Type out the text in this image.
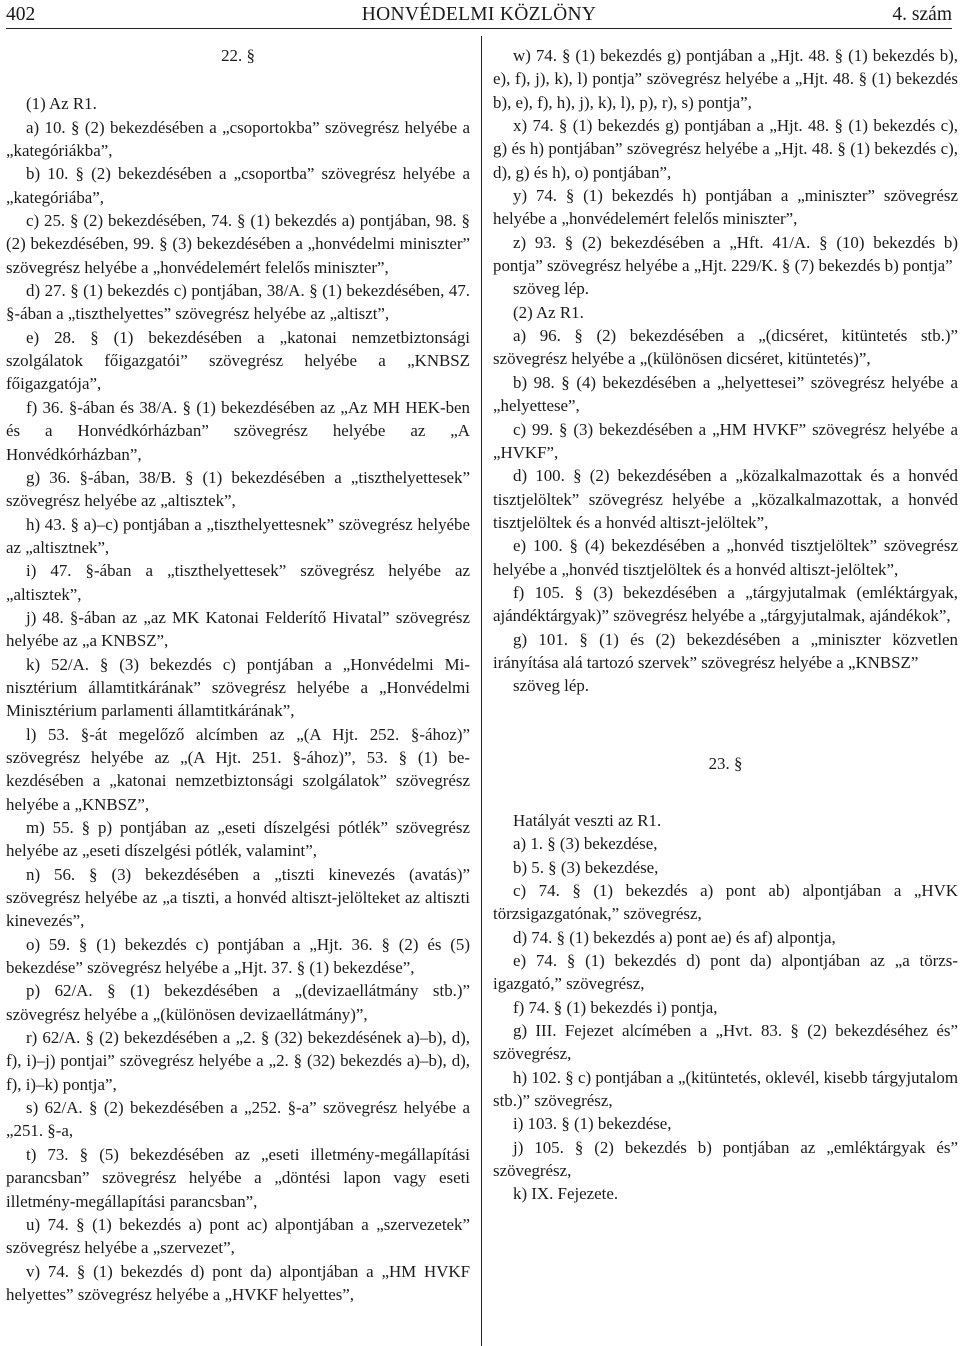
402	HONVÉDELMI KÖZLÖNY	4. szám
22. §

(1) Az R1.

a) 10. § (2) bekezdésében a „csoportokba” szövegrész helyébe a „kategóriákba”,

b) 10. § (2) bekezdésében a „csoportba” szövegrész helyébe a „kategóriába”,

c) 25. § (2) bekezdésében, 74. § (1) bekezdés a) pontjában, 98. § (2) bekezdésében, 99. § (3) bekezdésében a „honvédelmi miniszter” szövegrész helyébe a „honvédelemért felelős miniszter”,

d) 27. § (1) bekezdés c) pontjában, 38/A. § (1) bekezdésében, 47. §-ában a „tiszthelyettes” szövegrész helyébe az „altiszt”,

e) 28. § (1) bekezdésében a „katonai nemzetbiztonsági szolgálatok főigazgatói” szövegrész helyébe a „KNBSZ főigazgatója”,

f) 36. §-ában és 38/A. § (1) bekezdésében az „Az MH HEK-ben és a Honvédkórházban” szövegrész helyébe az „A Honvédkórházban”,

g) 36. §-ában, 38/B. § (1) bekezdésében a „tiszthelyettesek” szövegrész helyébe az „altisztek”,

h) 43. § a)–c) pontjában a „tiszthelyettesnek” szövegrész helyébe az „altisztnek”,

i) 47. §-ában a „tiszthelyettesek” szövegrész helyébe az „altisztek”,

j) 48. §-ában az „az MK Katonai Felderítő Hivatal” szövegrész helyébe az „a KNBSZ”,

k) 52/A. § (3) bekezdés c) pontjában a „Honvédelmi Minisztérium államtitkárának” szövegrész helyébe a „Honvédelmi Minisztérium parlamenti államtitkárának”,

l) 53. §-át megelőző alcímben az „(A Hjt. 252. §-ához)” szövegrész helyébe az „(A Hjt. 251. §-ához)”, 53. § (1) bekezdésében a „katonai nemzetbiztonsági szolgálatok” szövegrész helyébe a „KNBSZ”,

m) 55. § p) pontjában az „eseti díszelgési pótlék” szövegrész helyébe az „eseti díszelgési pótlék, valamint”,

n) 56. § (3) bekezdésében a „tiszti kinevezés (avatás)” szövegrész helyébe az „a tiszti, a honvéd altiszt-jelölteket az altiszti kinevezés”,

o) 59. § (1) bekezdés c) pontjában a „Hjt. 36. § (2) és (5) bekezdése” szövegrész helyébe a „Hjt. 37. § (1) bekezdése”,

p) 62/A. § (1) bekezdésében a „(devizaellátmány stb.)” szövegrész helyébe a „(különösen devizaellátmány)”,

r) 62/A. § (2) bekezdésében a „2. § (32) bekezdésének a)–b), d), f), i)–j) pontjai” szövegrész helyébe a „2. § (32) bekezdés a)–b), d), f), i)–k) pontja”,

s) 62/A. § (2) bekezdésében a „252. §-a” szövegrész helyébe a „251. §-a,

t) 73. § (5) bekezdésében az „eseti illetmény-megállapítási parancsban” szövegrész helyébe a „döntési lapon vagy eseti illetmény-megállapítási parancsban”,

u) 74. § (1) bekezdés a) pont ac) alpontjában a „szervezetek” szövegrész helyébe a „szervezet”,

v) 74. § (1) bekezdés d) pont da) alpontjában a „HM HVKF helyettes” szövegrész helyébe a „HVKF helyettes”,

w) 74. § (1) bekezdés g) pontjában a „Hjt. 48. § (1) bekezdés b), e), f), j), k), l) pontja” szövegrész helyébe a „Hjt. 48. § (1) bekezdés b), e), f), h), j), k), l), p), r), s) pontja”,

x) 74. § (1) bekezdés g) pontjában a „Hjt. 48. § (1) bekezdés c), g) és h) pontjában” szövegrész helyébe a „Hjt. 48. § (1) bekezdés c), d), g) és h), o) pontjában”,

y) 74. § (1) bekezdés h) pontjában a „miniszter” szövegrész helyébe a „honvédelemért felelős miniszter”,

z) 93. § (2) bekezdésében a „Hft. 41/A. § (10) bekezdés b) pontja” szövegrész helyébe a „Hjt. 229/K. § (7) bekezdés b) pontja”

szöveg lép.

(2) Az R1.

a) 96. § (2) bekezdésében a „(dicséret, kitüntetés stb.)” szövegrész helyébe a „(különösen dicséret, kitüntetés)”,

b) 98. § (4) bekezdésében a „helyettesei” szövegrész helyébe a „helyettese”,

c) 99. § (3) bekezdésében a „HM HVKF” szövegrész helyébe a „HVKF”,

d) 100. § (2) bekezdésében a „közalkalmazottak és a honvéd tisztjelöltek” szövegrész helyébe a „közalkalmazottak, a honvéd tisztjelöltek és a honvéd altiszt-jelöltek”,

e) 100. § (4) bekezdésében a „honvéd tisztjelöltek” szövegrész helyébe a „honvéd tisztjelöltek és a honvéd altiszt-jelöltek”,

f) 105. § (3) bekezdésében a „tárgyjutalmak (emléktárgyak, ajándéktárgyak)” szövegrész helyébe a „tárgyjutalmak, ajándékok”,

g) 101. § (1) és (2) bekezdésében a „miniszter közvetlen irányítása alá tartozó szervek” szövegrész helyébe a „KNBSZ”

szöveg lép.

23. §

Hatályát veszti az R1.

a) 1. § (3) bekezdése,

b) 5. § (3) bekezdése,

c) 74. § (1) bekezdés a) pont ab) alpontjában a „HVK törzsigazgatónak,” szövegrész,

d) 74. § (1) bekezdés a) pont ae) és af) alpontja,

e) 74. § (1) bekezdés d) pont da) alpontjában az „a törzsigazgató,” szövegrész,

f) 74. § (1) bekezdés i) pontja,

g) III. Fejezet alcímében a „Hvt. 83. § (2) bekezdéséhez és” szövegrész,

h) 102. § c) pontjában a „(kitüntetés, oklevél, kisebb tárgyjutalom stb.)” szövegrész,

i) 103. § (1) bekezdése,

j) 105. § (2) bekezdés b) pontjában az „emléktárgyak és” szövegrész,

k) IX. Fejezete.
